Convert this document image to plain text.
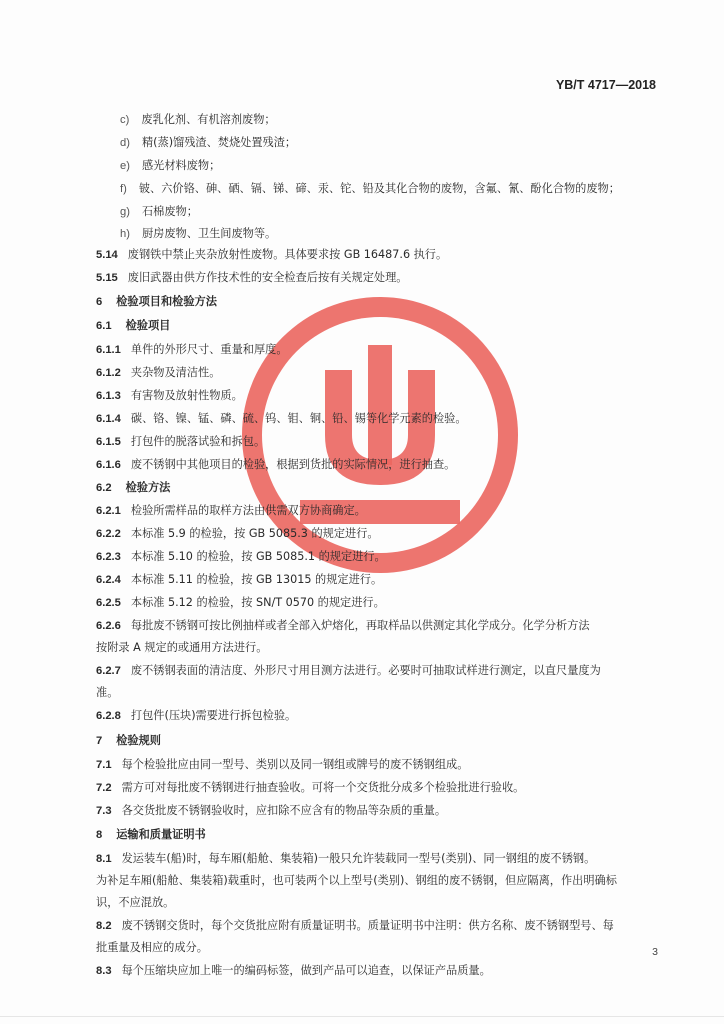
YB/T 4717—2018
c) 废乳化剂、有机溶剂废物；
d) 精(蒸)馏残渣、焚烧处置残渣；
e) 感光材料废物；
f) 铍、六价铬、砷、硒、镉、锑、碲、汞、铊、铅及其化合物的废物，含氟、氰、酚化合物的废物；
g) 石棉废物；
h) 厨房废物、卫生间废物等。
5.14 废钢铁中禁止夹杂放射性废物。具体要求按 GB 16487.6 执行。
5.15 废旧武器由供方作技术性的安全检查后按有关规定处理。
6 检验项目和检验方法
6.1 检验项目
6.1.1 单件的外形尺寸、重量和厚度。
6.1.2 夹杂物及清洁性。
6.1.3 有害物及放射性物质。
6.1.4 碳、铬、镍、锰、磷、硫、钨、钼、铜、铅、锡等化学元素的检验。
6.1.5 打包件的脱落试验和拆包。
6.1.6 废不锈钢中其他项目的检验，根据到货批的实际情况，进行抽查。
6.2 检验方法
6.2.1 检验所需样品的取样方法由供需双方协商确定。
6.2.2 本标准 5.9 的检验，按 GB 5085.3 的规定进行。
6.2.3 本标准 5.10 的检验，按 GB 5085.1 的规定进行。
6.2.4 本标准 5.11 的检验，按 GB 13015 的规定进行。
6.2.5 本标准 5.12 的检验，按 SN/T 0570 的规定进行。
6.2.6 每批废不锈钢可按比例抽样或者全部入炉熔化，再取样品以供测定其化学成分。化学分析方法
按附录 A 规定的或通用方法进行。
6.2.7 废不锈钢表面的清洁度、外形尺寸用目测方法进行。必要时可抽取试样进行测定，以直尺量度为
准。
6.2.8 打包件(压块)需要进行拆包检验。
7 检验规则
7.1 每个检验批应由同一型号、类别以及同一钢组或牌号的废不锈钢组成。
7.2 需方可对每批废不锈钢进行抽查验收。可将一个交货批分成多个检验批进行验收。
7.3 各交货批废不锈钢验收时，应扣除不应含有的物品等杂质的重量。
8 运输和质量证明书
8.1 发运装车(船)时，每车厢(船舱、集装箱)一般只允许装载同一型号(类别)、同一钢组的废不锈钢。
为补足车厢(船舱、集装箱)载重时，也可装两个以上型号(类别)、钢组的废不锈钢，但应隔离，作出明确标
识，不应混放。
8.2 废不锈钢交货时，每个交货批应附有质量证明书。质量证明书中注明：供方名称、废不锈钢型号、每
批重量及相应的成分。
8.3 每个压缩块应加上唯一的编码标签，做到产品可以追查，以保证产品质量。
3
